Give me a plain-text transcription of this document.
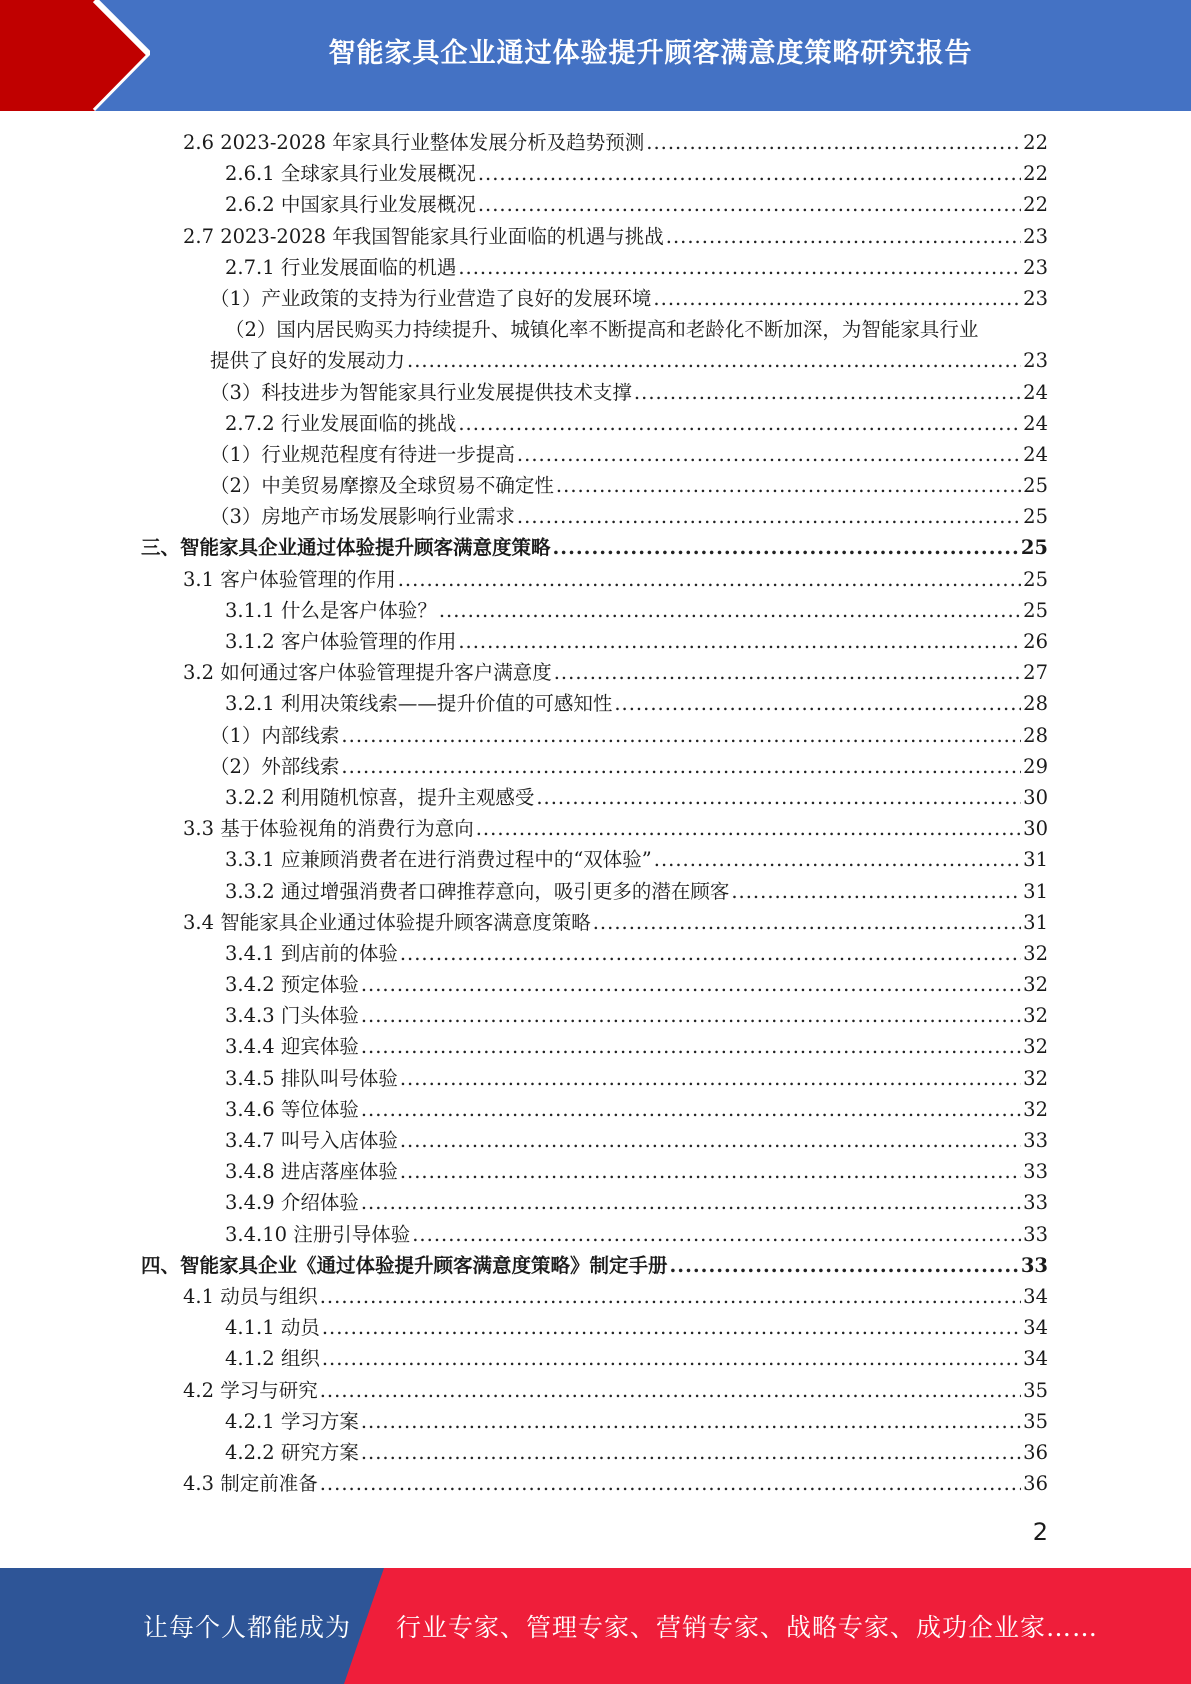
智能家具企业通过体验提升顾客满意度策略研究报告
2.6 2023-2028 年家具行业整体发展分析及趋势预测 .....	22
2.6.1 全球家具行业发展概况 .....	22
2.6.2 中国家具行业发展概况 .....	22
2.7 2023-2028 年我国智能家具行业面临的机遇与挑战 .....	23
2.7.1 行业发展面临的机遇 .....	23
（1）产业政策的支持为行业营造了良好的发展环境 .....	23
（2）国内居民购买力持续提升、城镇化率不断提高和老龄化不断加深，为智能家具行业
提供了良好的发展动力 .....	23
（3）科技进步为智能家具行业发展提供技术支撑 .....	24
2.7.2 行业发展面临的挑战 .....	24
（1）行业规范程度有待进一步提高 .....	24
（2）中美贸易摩擦及全球贸易不确定性 .....	25
（3）房地产市场发展影响行业需求 .....	25
三、智能家具企业通过体验提升顾客满意度策略 .....	25
3.1 客户体验管理的作用 .....	25
3.1.1 什么是客户体验？ .....	25
3.1.2 客户体验管理的作用 .....	26
3.2 如何通过客户体验管理提升客户满意度 .....	27
3.2.1 利用决策线索——提升价值的可感知性 .....	28
（1）内部线索 .....	28
（2）外部线索 .....	29
3.2.2 利用随机惊喜，提升主观感受 .....	30
3.3 基于体验视角的消费行为意向 .....	30
3.3.1 应兼顾消费者在进行消费过程中的“双体验” .....	31
3.3.2 通过增强消费者口碑推荐意向，吸引更多的潜在顾客 .....	31
3.4 智能家具企业通过体验提升顾客满意度策略 .....	31
3.4.1 到店前的体验 .....	32
3.4.2 预定体验 .....	32
3.4.3 门头体验 .....	32
3.4.4 迎宾体验 .....	32
3.4.5 排队叫号体验 .....	32
3.4.6 等位体验 .....	32
3.4.7 叫号入店体验 .....	33
3.4.8 进店落座体验 .....	33
3.4.9 介绍体验 .....	33
3.4.10 注册引导体验 .....	33
四、智能家具企业《通过体验提升顾客满意度策略》制定手册 .....	33
4.1 动员与组织 .....	34
4.1.1 动员 .....	34
4.1.2 组织 .....	34
4.2 学习与研究 .....	35
4.2.1 学习方案 .....	35
4.2.2 研究方案 .....	36
4.3 制定前准备 .....	36
2
让每个人都能成为 行业专家、管理专家、营销专家、战略专家、成功企业家……
